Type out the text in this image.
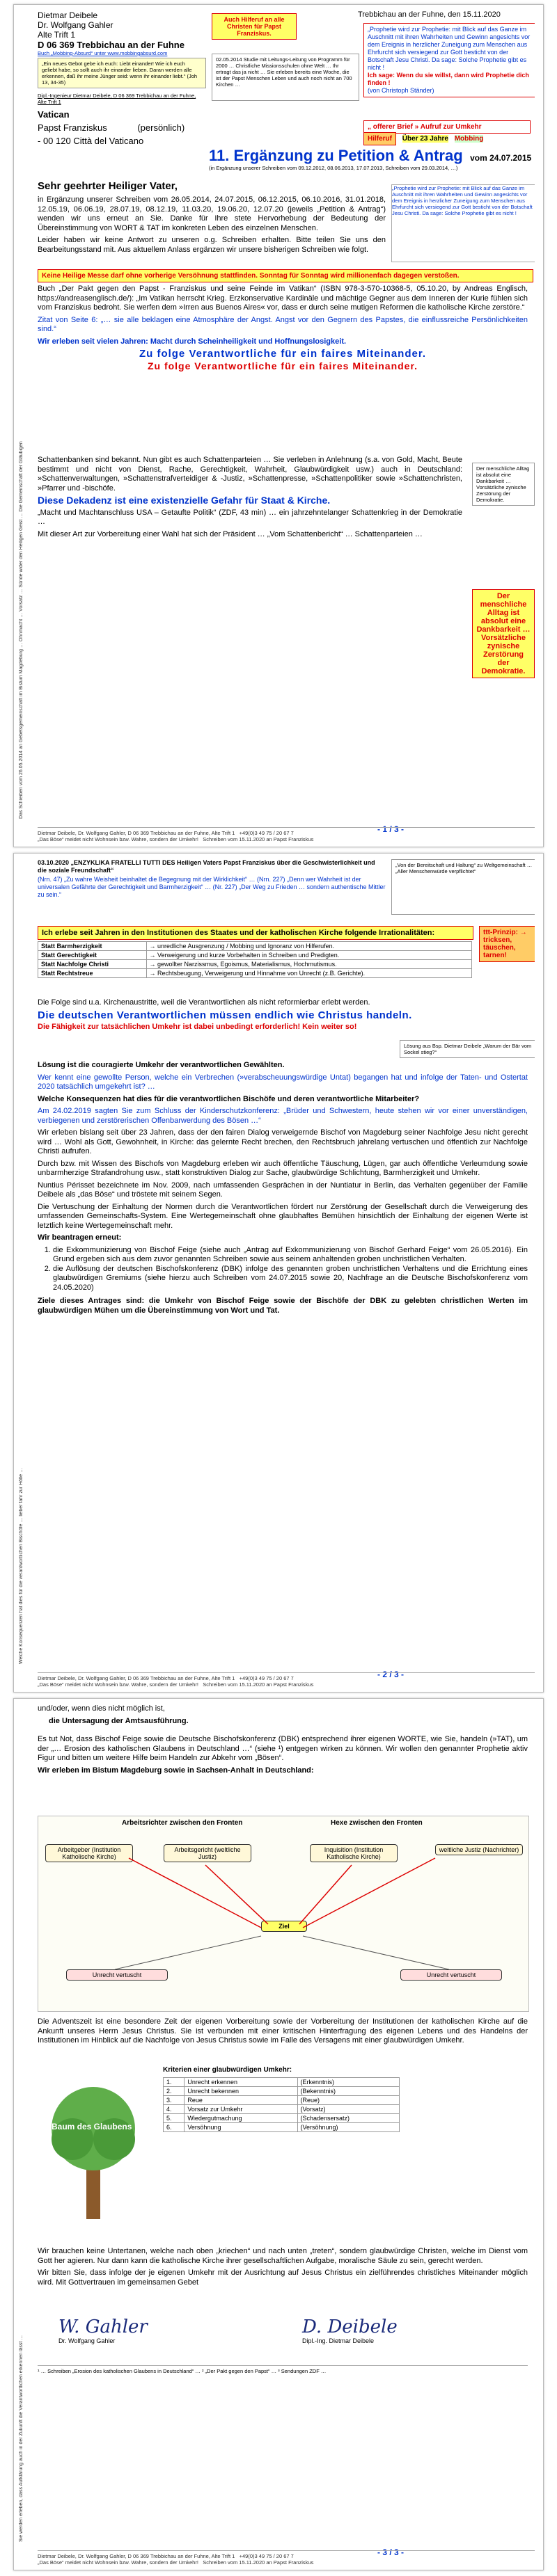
Das Schreiben vom 26.05.2014 an Gebetsgemeinschaft im Bistum Magdeburg … Ohnmacht … Vorsatz … Sünde wider den Heiligen Geist … Die Gemeinschaft der Gläubigen
Dietmar Deibele
Dr. Wolfgang Gahler
Alte Trift 1
D 06 369 Trebbichau an der Fuhne
Buch „Mobbing-Absurd“ unter www.mobbingabsurd.com
Auch Hilferuf an alle Christen für Papst Franziskus.
Trebbichau an der Fuhne, den 15.11.2020
„Ein neues Gebot gebe ich euch: Liebt einander! Wie ich euch geliebt habe, so sollt auch ihr einander lieben. Daran werden alle erkennen, daß ihr meine Jünger seid: wenn ihr einander liebt.“ (Joh 13, 34-35)
„Prophetie wird zur Prophetie: mit Blick auf das Ganze im Auschnitt mit ihren Wahrheiten und Gewinn angesichts vor dem Ereignis in herzlicher Zuneigung zum Menschen aus Ehrfurcht sich versiegend zur Gott besticht von der Botschaft Jesu Christi. Da sage: Solche Prophetie gibt es nicht !
Ich sage: Wenn du sie willst, dann wird Prophetie dich finden !
(von Christoph Ständer)
Dipl.-Ingenieur Dietmar Deibele, D 06 369 Trebbichau an der Fuhne, Alte Trift 1
Vatican
Papst Franziskus	(persönlich)
- 00 120 Città del Vaticano
02.05.2014 Studie mit Leitungs-Leitung von Programm für 2000 … Christliche Missionsschulen ohne Welt … Ihr ertragt das ja nicht … Sie erleben bereits eine Woche, die ist der Papst Menschen Leben und auch noch nicht an 700 Kirchen …
„ offerer Brief » Aufruf zur Umkehr
Hilferuf Über 23 Jahre Mobbing
11. Ergänzung zu Petition & Antrag vom 24.07.2015
(in Ergänzung unserer Schreiben vom 09.12.2012, 08.06.2013, 17.07.2013, Schreiben vom 29.03.2014, …)
Sehr geehrter Heiliger Vater,

in Ergänzung unserer Schreiben vom 26.05.2014, 24.07.2015, 06.12.2015, 06.10.2016, 31.01.2018, 12.05.19, 06.06.19, 28.07.19, 08.12.19, 11.03.20, 19.06.20, 12.07.20 (jeweils „Petition & Antrag“) wenden wir uns erneut an Sie. Danke für Ihre stete Hervorhebung der Bedeutung der Übereinstimmung von WORT & TAT im konkreten Leben des einzelnen Menschen.

Leider haben wir keine Antwort zu unseren o.g. Schreiben erhalten. Bitte teilen Sie uns den Bearbeitungsstand mit. Aus aktuellem Anlass ergänzen wir unsere bisherigen Schreiben wie folgt.

„Prophetie wird zur Prophetie: mit Blick auf das Ganze im Auschnitt mit ihren Wahrheiten und Gewinn angesichts vor dem Ereignis in herzlicher Zuneigung zum Menschen aus Ehrfurcht sich versiegend zur Gott besticht von der Botschaft Jesu Christi. Da sage: Solche Prophetie gibt es nicht !
Keine Heilige Messe darf ohne vorherige Versöhnung stattfinden. Sonntag für Sonntag wird millionenfach dagegen verstoßen.

Buch „Der Pakt gegen den Papst - Franziskus und seine Feinde im Vatikan“ (ISBN 978-3-570-10368-5, 05.10.20, by Andreas Englisch, https://andreasenglisch.de/): „Im Vatikan herrscht Krieg. Erzkonservative Kardinäle und mächtige Gegner aus dem Inneren der Kurie fühlen sich vom Franziskus bedroht. Sie werfen dem »Irren aus Buenos Aires« vor, dass er durch seine mutigen Reformen die katholische Kirche zerstöre.“

Zitat von Seite 6: „… sie alle beklagen eine Atmosphäre der Angst. Angst vor den Gegnern des Papstes, die einflussreiche Persönlichkeiten sind.“

Wir erleben seit vielen Jahren: Macht durch Scheinheiligkeit und Hoffnungslosigkeit.

Zu folge Verantwortliche für ein faires Miteinander.

Zu folge Verantwortliche für ein faires Miteinander.

Schattenbanken sind bekannt. Nun gibt es auch Schattenparteien … Sie verleben in Anlehnung (s.a. von Gold, Macht, Beute bestimmt und nicht von Dienst, Rache, Gerechtigkeit, Wahrheit, Glaubwürdigkeit usw.) auch in Deutschland: »Schattenverwaltungen, »Schattenstrafverteidiger & -Justiz, »Schattenpresse, »Schattenpolitiker sowie »Schattenchristen, »Pfarrer und -bischöfe.

Diese Dekadenz ist eine existenzielle Gefahr für Staat & Kirche.

„Macht und Machtanschluss USA – Getaufte Politik“ (ZDF, 43 min) … ein jahrzehntelanger Schattenkrieg in der Demokratie …

Mit dieser Art zur Vorbereitung einer Wahl hat sich der Präsident … „Vom Schattenbericht“ … Schattenparteien …

Der menschliche Alltag ist absolut eine Dankbarkeit … Vorsätzliche zynische Zerstörung der Demokratie.
Der menschliche Alltag ist absolut eine Dankbarkeit … Vorsätzliche zynische Zerstörung der Demokratie.
- 1 / 3 -
Dietmar Deibele, Dr. Wolfgang Gahler, D 06 369 Trebbichau an der Fuhne, Alte Trift 1 +49(0)3 49 75 / 20 67 7
„Das Böse“ meidet nicht Wohnsein bzw. Wahre, sondern der Umkehr! Schreiben vom 15.11.2020 an Papst Franziskus
Welche Konsequenzen hat dies für die verantwortlichen Bischöfe … lieber fahr zur Hölle …
03.10.2020 „ENZYKLIKA FRATELLI TUTTI DES Heiligen Vaters Papst Franziskus über die Geschwisterlichkeit und die soziale Freundschaft“
(Nrn. 47) „Zu wahre Weisheit beinhaltet die Begegnung mit der Wirklichkeit“ … (Nrn. 227) „Denn wer Wahrheit ist der universalen Gefährte der Gerechtigkeit und Barmherzigkeit“ … (Nr. 227) „Der Weg zu Frieden … sondern authentische Mittler zu sein.“
„Von der Bereitschaft und Haltung“ zu Weltgemeinschaft … „Aller Menschenwürde verpflichtet“
Ich erlebe seit Jahren in den Institutionen des Staates und der katholischen Kirche folgende Irrationalitäten:
Statt Barmherzigkeit	→ unredliche Ausgrenzung / Mobbing und Ignoranz von Hilferufen.
Statt Gerechtigkeit	→ Verweigerung und kurze Vorbehalten in Schreiben und Predigten.
Statt Nachfolge Christi	→ gewollter Narzissmus, Egoismus, Materialismus, Hochmutismus.
Statt Rechtstreue	→ Rechtsbeugung, Verweigerung und Hinnahme von Unrecht (z.B. Gerichte).
ttt-Prinzip: → tricksen, täuschen, tarnen!

Die Folge sind u.a. Kirchenaustritte, weil die Verantwortlichen als nicht reformierbar erlebt werden.

Die deutschen Verantwortlichen müssen endlich wie Christus handeln.

Die Fähigkeit zur tatsächlichen Umkehr ist dabei unbedingt erforderlich! Kein weiter so!

Lösung aus Bsp. Dietmar Deibele „Warum der Bär vom Sockel stieg?“

Lösung ist die couragierte Umkehr der verantwortlichen Gewählten.

Wer kennt eine gewollte Person, welche ein Verbrechen (»verabscheuungswürdige Untat) begangen hat und infolge der Taten- und Ostertat 2020 tatsächlich umgekehrt ist? …

Welche Konsequenzen hat dies für die verantwortlichen Bischöfe und deren verantwortliche Mitarbeiter?

Am 24.02.2019 sagten Sie zum Schluss der Kinderschutzkonferenz: „Brüder und Schwestern, heute stehen wir vor einer unverständigen, verbiegenen und zerstörerischen Offenbarwerdung des Bösen …“

Wir erleben bislang seit über 23 Jahren, dass der den fairen Dialog verweigernde Bischof von Magdeburg seiner Nachfolge Jesu nicht gerecht wird … Wohl als Gott, Gewohnheit, in Kirche: das gelernte Recht brechen, den Rechtsbruch jahrelang vertuschen und öffentlich zur Nachfolge Christi aufrufen.

Durch bzw. mit Wissen des Bischofs von Magdeburg erleben wir auch öffentliche Täuschung, Lügen, gar auch öffentliche Verleumdung sowie unbarmherzige Strafandrohung usw., statt konstruktiven Dialog zur Sache, glaubwürdige Schlichtung, Barmherzigkeit und Umkehr.

Nuntius Périsset bezeichnete im Nov. 2009, nach umfassenden Gesprächen in der Nuntiatur in Berlin, das Verhalten gegenüber der Familie Deibele als „das Böse“ und tröstete mit seinem Segen.

Die Vertuschung der Einhaltung der Normen durch die Verantwortlichen fördert nur Zerstörung der Gesellschaft durch die Verweigerung des umfassenden Gemeinschafts-System. Eine Wertegemeinschaft ohne glaubhaftes Bemühen hinsichtlich der Einhaltung der eigenen Werte ist letztlich keine Wertegemeinschaft mehr.

Wir beantragen erneut:

1. die Exkommunizierung von Bischof Feige (siehe auch „Antrag auf Exkommunizierung von Bischof Gerhard Feige“ vom 26.05.2016). Ein Grund ergeben sich aus dem zuvor genannten Schreiben sowie aus seinem anhaltenden groben unchristlichen Verhalten.
2. die Auflösung der deutschen Bischofskonferenz (DBK) infolge des genannten groben unchristlichen Verhaltens und die Errichtung eines glaubwürdigen Gremiums (siehe hierzu auch Schreiben vom 24.07.2015 sowie 20, Nachfrage an die Deutsche Bischofskonferenz vom 24.05.2020)

Ziele dieses Antrages sind: die Umkehr von Bischof Feige sowie der Bischöfe der DBK zu gelebten christlichen Werten im glaubwürdigen Mühen um die Übereinstimmung von Wort und Tat.

- 2 / 3 -
Dietmar Deibele, Dr. Wolfgang Gahler, D 06 369 Trebbichau an der Fuhne, Alte Trift 1 +49(0)3 49 75 / 20 67 7
„Das Böse“ meidet nicht Wohnsein bzw. Wahre, sondern der Umkehr! Schreiben vom 15.11.2020 an Papst Franziskus
Sie werden erleben, dass Aufklärung auch in der Zukunft die Verantwortlichen erkennen lässt …

und/oder, wenn dies nicht möglich ist,

die Untersagung der Amtsausführung.

Es tut Not, dass Bischof Feige sowie die Deutsche Bischofskonferenz (DBK) entsprechend ihrer eigenen WORTE, wie Sie, handeln (»TAT), um der „… Erosion des katholischen Glaubens in Deutschland …“ (siehe ¹) entgegen wirken zu können. Wir wollen den genannter Prophetie aktiv Figur und bitten um weitere Hilfe beim Handeln zur Abkehr vom „Bösen“.

Wir erleben im Bistum Magdeburg sowie in Sachsen-Anhalt in Deutschland:

Arbeitsrichter zwischen den Fronten	Hexe zwischen den Fronten
Arbeitgeber (Institution Katholische Kirche)
Arbeitsgericht (weltliche Justiz)
Inquisition (Institution Katholische Kirche)
weltliche Justiz (Nachrichter)
Ziel
Unrecht vertuscht	Unrecht vertuscht

Die Adventszeit ist eine besondere Zeit der eigenen Vorbereitung sowie der Vorbereitung der Institutionen der katholischen Kirche auf die Ankunft unseres Herrn Jesus Christus. Sie ist verbunden mit einer kritischen Hinterfragung des eigenen Lebens und des Handelns der Institutionen im Hinblick auf die Nachfolge von Jesus Christus sowie im Falle des Versagens mit einer glaubwürdigen Umkehr.

Kriterien einer glaubwürdigen Umkehr:
1.	Unrecht erkennen	(Erkenntnis)
2.	Unrecht bekennen	(Bekenntnis)
3.	Reue	(Reue)
4.	Vorsatz zur Umkehr	(Vorsatz)
5.	Wiedergutmachung	(Schadensersatz)
6.	Versöhnung	(Versöhnung)
Baum des Glaubens

Wir brauchen keine Untertanen, welche nach oben „kriechen“ und nach unten „treten“, sondern glaubwürdige Christen, welche im Dienst vom Gott her agieren. Nur dann kann die katholische Kirche ihrer gesellschaftlichen Aufgabe, moralische Säule zu sein, gerecht werden.

Wir bitten Sie, dass infolge der je eigenen Umkehr mit der Ausrichtung auf Jesus Christus ein zielführendes christliches Miteinander möglich wird. Mit Gottvertrauen im gemeinsamen Gebet

W. Gahler
Dr. Wolfgang Gahler
D. Deibele
Dipl.-Ing. Dietmar Deibele
¹ … Schreiben „Erosion des katholischen Glaubens in Deutschland“ … ² „Der Pakt gegen den Papst“ … ³ Sendungen ZDF …
- 3 / 3 -
Dietmar Deibele, Dr. Wolfgang Gahler, D 06 369 Trebbichau an der Fuhne, Alte Trift 1 +49(0)3 49 75 / 20 67 7
„Das Böse“ meidet nicht Wohnsein bzw. Wahre, sondern der Umkehr! Schreiben vom 15.11.2020 an Papst Franziskus
